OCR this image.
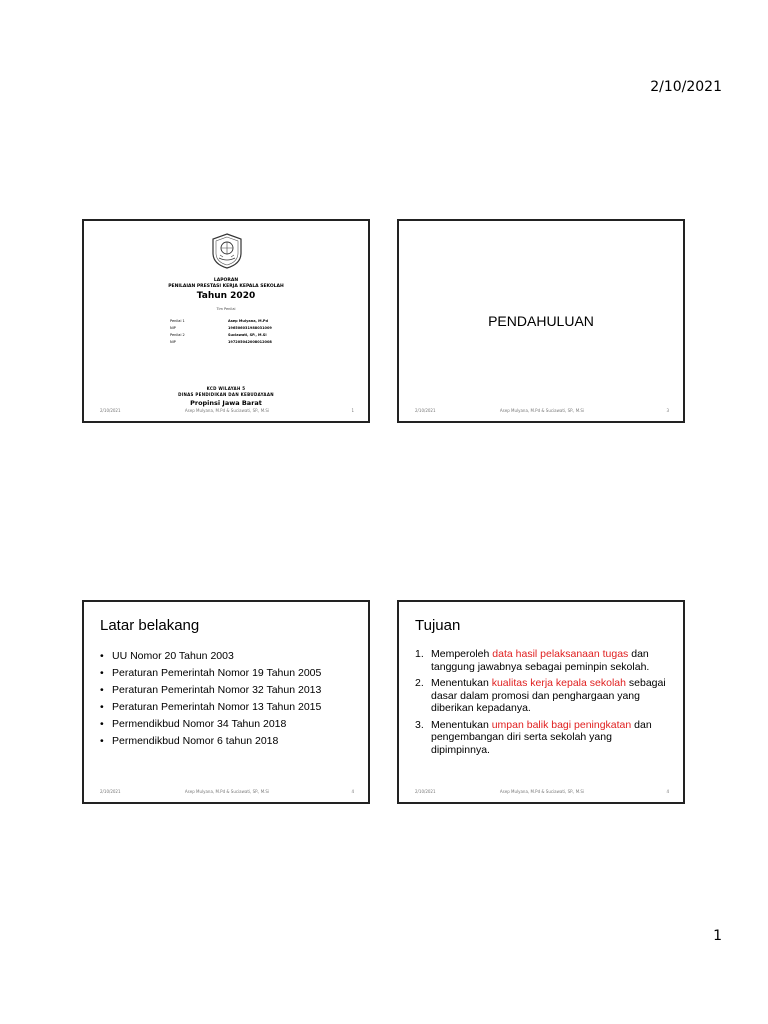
2/10/2021
LAPORAN
PENILAIAN PRESTASI KERJA KEPALA SEKOLAH
Tahun 2020
Tim Penilai
Penilai 1	Asep Mulyana, M.Pd
NIP	196506031988031009
Penilai 2	Suciawati, SP., M.Si
NIP	197205042008012008
KCD WILAYAH 5
DINAS PENDIDIKAN DAN KEBUDAYAAN
Propinsi Jawa Barat
2/10/2021	Asep Mulyana, M.Pd & Suciawati, SP., M.Si	1
PENDAHULUAN
2/10/2021	Asep Mulyana, M.Pd & Suciawati, SP., M.Si	3
Latar belakang
• UU Nomor 20 Tahun 2003
• Peraturan Pemerintah Nomor 19 Tahun 2005
• Peraturan Pemerintah Nomor 32 Tahun 2013
• Peraturan Pemerintah Nomor 13 Tahun 2015
• Permendikbud Nomor 34 Tahun 2018
• Permendikbud Nomor 6 tahun 2018
2/10/2021	Asep Mulyana, M.Pd & Suciawati, SP., M.Si	4
Tujuan
1. Memperoleh data hasil pelaksanaan tugas dan tanggung jawabnya sebagai peminpin sekolah.
2. Menentukan kualitas kerja kepala sekolah sebagai dasar dalam promosi dan penghargaan yang diberikan kepadanya.
3. Menentukan umpan balik bagi peningkatan dan pengembangan diri serta sekolah yang dipimpinnya.
2/10/2021	Asep Mulyana, M.Pd & Suciawati, SP., M.Si	4
1
